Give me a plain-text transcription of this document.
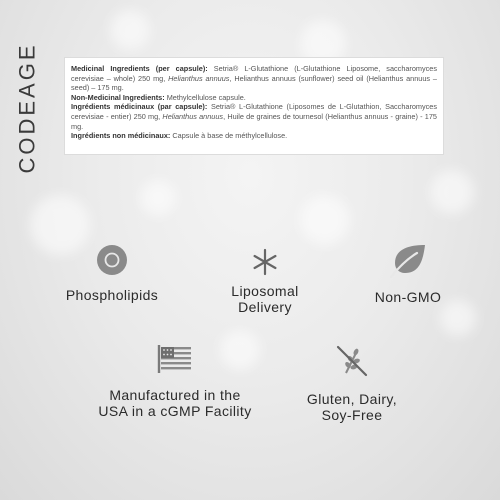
CODEAGE	Medicinal Ingredients (per capsule): Setria® L-Glutathione (L-Glutathione Liposome, saccharomyces cerevisiae – whole) 250 mg, Helianthus annuus, Helianthus annuus (sunflower) seed oil (Helianthus annuus – seed) – 175 mg.

Non-Medicinal Ingredients: Methylcellulose capsule.

Ingrédients médicinaux (par capsule): Setria® L-Glutathione (Liposomes de L-Glutathion, Saccharomyces cerevisiae - entier) 250 mg, Helianthus annuus, Huile de graines de tournesol (Helianthus annuus - graine) - 175 mg.

Ingrédients non médicinaux: Capsule à base de méthylcellulose.

Phospholipids	Liposomal
Delivery
Non-GMO
Manufactured in the
USA in a cGMP Facility
Gluten, Dairy,
Soy-Free
